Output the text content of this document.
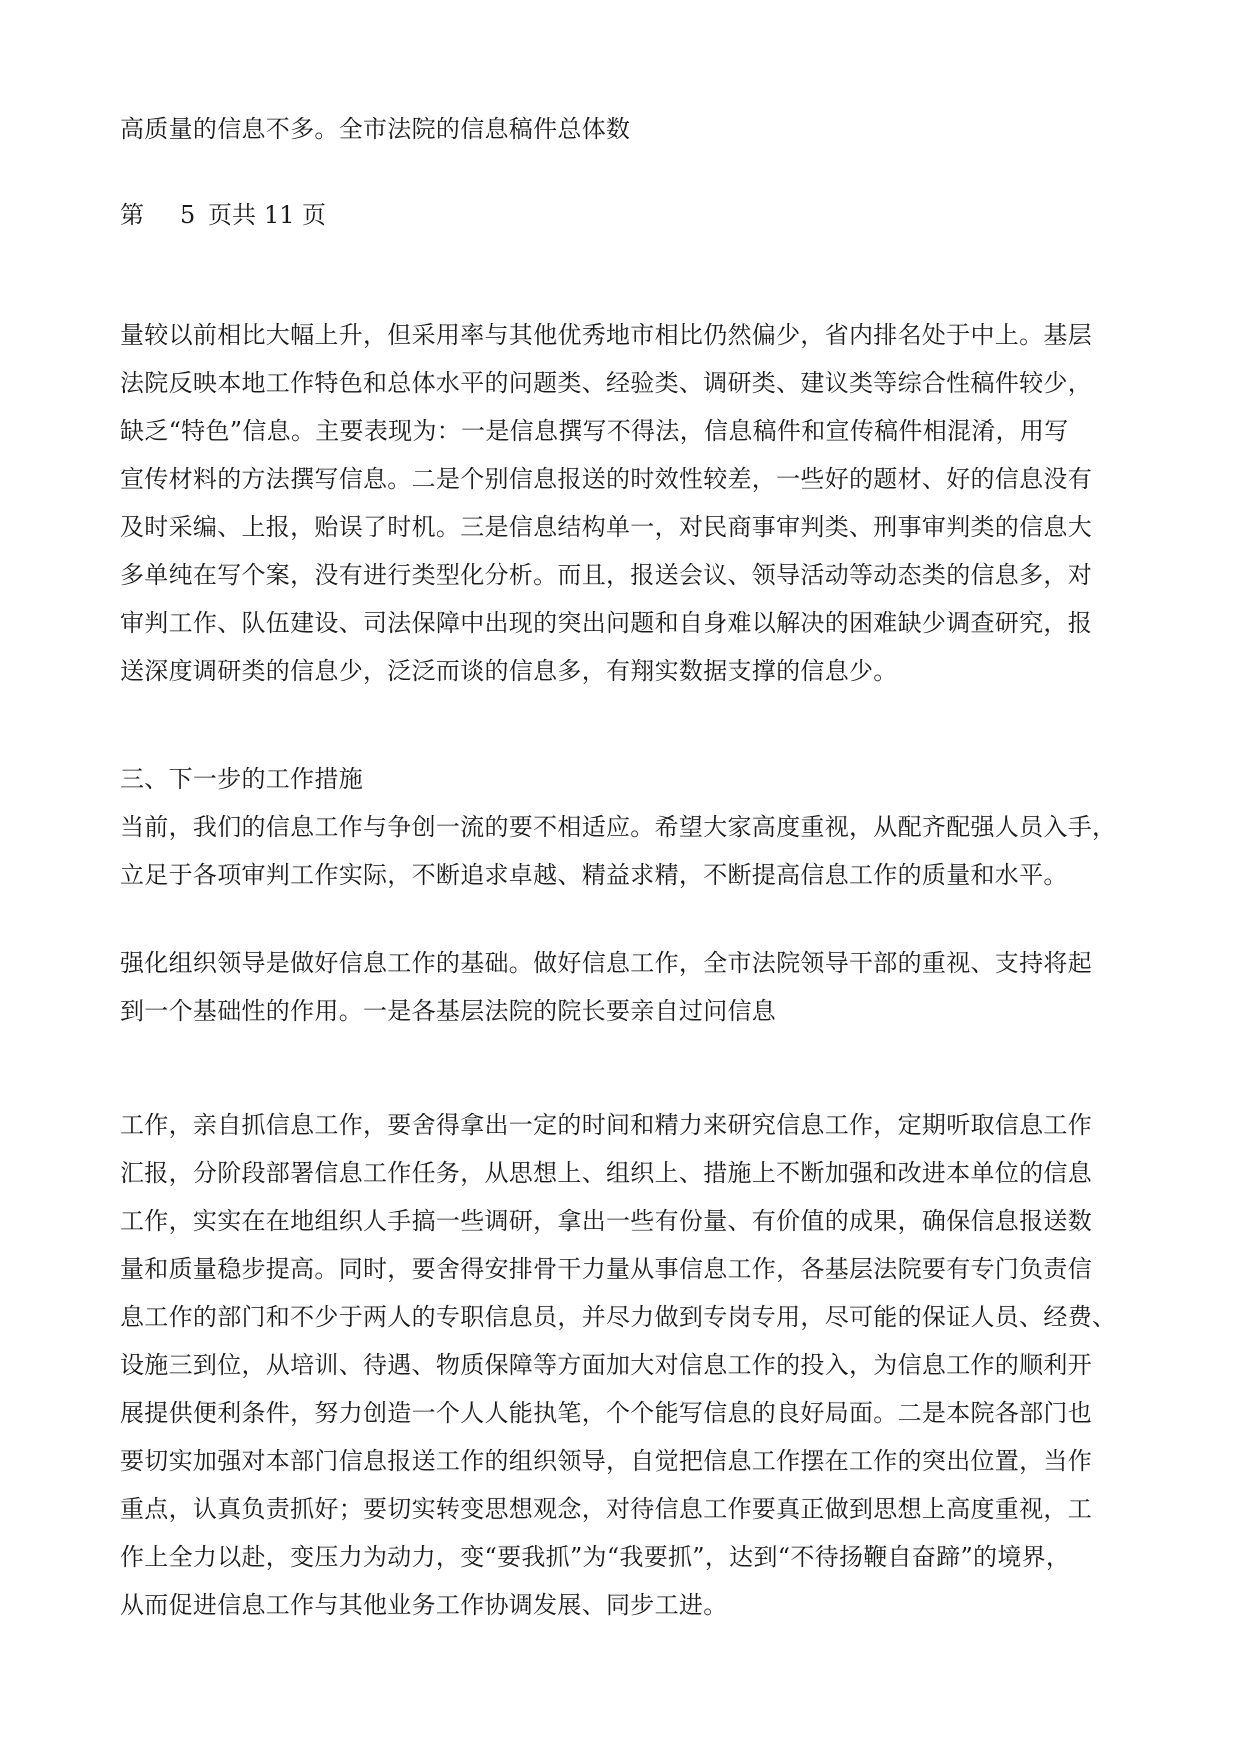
高质量的信息不多。全市法院的信息稿件总体数

第 5 页共 11 页

量较以前相比大幅上升，但采用率与其他优秀地市相比仍然偏少，省内排名处于中上。基层

法院反映本地工作特色和总体水平的问题类、经验类、调研类、建议类等综合性稿件较少，

缺乏“特色”信息。主要表现为：一是信息撰写不得法，信息稿件和宣传稿件相混淆，用写

宣传材料的方法撰写信息。二是个别信息报送的时效性较差，一些好的题材、好的信息没有

及时采编、上报，贻误了时机。三是信息结构单一，对民商事审判类、刑事审判类的信息大

多单纯在写个案，没有进行类型化分析。而且，报送会议、领导活动等动态类的信息多，对

审判工作、队伍建设、司法保障中出现的突出问题和自身难以解决的困难缺少调查研究，报

送深度调研类的信息少，泛泛而谈的信息多，有翔实数据支撑的信息少。

三、下一步的工作措施

当前，我们的信息工作与争创一流的要不相适应。希望大家高度重视，从配齐配强人员入手，

立足于各项审判工作实际，不断追求卓越、精益求精，不断提高信息工作的质量和水平。

强化组织领导是做好信息工作的基础。做好信息工作，全市法院领导干部的重视、支持将起

到一个基础性的作用。一是各基层法院的院长要亲自过问信息

工作，亲自抓信息工作，要舍得拿出一定的时间和精力来研究信息工作，定期听取信息工作

汇报，分阶段部署信息工作任务，从思想上、组织上、措施上不断加强和改进本单位的信息

工作，实实在在地组织人手搞一些调研，拿出一些有份量、有价值的成果，确保信息报送数

量和质量稳步提高。同时，要舍得安排骨干力量从事信息工作，各基层法院要有专门负责信

息工作的部门和不少于两人的专职信息员，并尽力做到专岗专用，尽可能的保证人员、经费、

设施三到位，从培训、待遇、物质保障等方面加大对信息工作的投入，为信息工作的顺利开

展提供便利条件，努力创造一个人人能执笔，个个能写信息的良好局面。二是本院各部门也

要切实加强对本部门信息报送工作的组织领导，自觉把信息工作摆在工作的突出位置，当作

重点，认真负责抓好；要切实转变思想观念，对待信息工作要真正做到思想上高度重视，工

作上全力以赴，变压力为动力，变“要我抓”为“我要抓”，达到“不待扬鞭自奋蹄”的境界，

从而促进信息工作与其他业务工作协调发展、同步工进。
